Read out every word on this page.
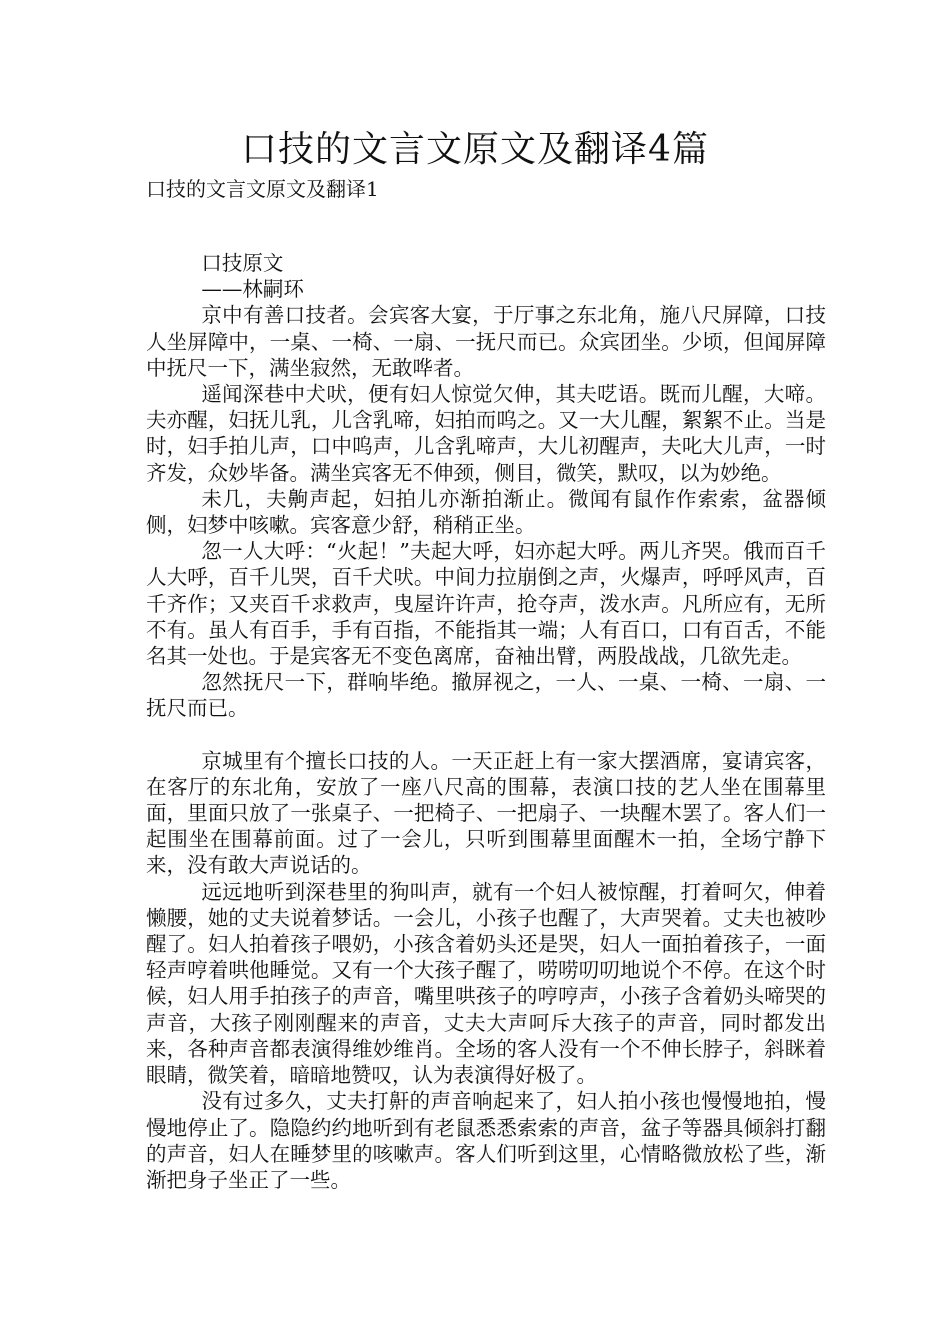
口技的文言文原文及翻译4篇
口技的文言文原文及翻译1

口技原文

——林嗣环

京中有善口技者。会宾客大宴，于厅事之东北角，施八尺屏障，口技人坐屏障中，一桌、一椅、一扇、一抚尺而已。众宾团坐。少顷，但闻屏障中抚尺一下，满坐寂然，无敢哗者。

遥闻深巷中犬吠，便有妇人惊觉欠伸，其夫呓语。既而儿醒，大啼。夫亦醒，妇抚儿乳，儿含乳啼，妇拍而呜之。又一大儿醒，絮絮不止。当是时，妇手拍儿声，口中呜声，儿含乳啼声，大儿初醒声，夫叱大儿声，一时齐发，众妙毕备。满坐宾客无不伸颈，侧目，微笑，默叹，以为妙绝。

未几，夫齁声起，妇拍儿亦渐拍渐止。微闻有鼠作作索索，盆器倾侧，妇梦中咳嗽。宾客意少舒，稍稍正坐。

忽一人大呼：“火起！”夫起大呼，妇亦起大呼。两儿齐哭。俄而百千人大呼，百千儿哭，百千犬吠。中间力拉崩倒之声，火爆声，呼呼风声，百千齐作；又夹百千求救声，曳屋许许声，抢夺声，泼水声。凡所应有，无所不有。虽人有百手，手有百指，不能指其一端；人有百口，口有百舌，不能名其一处也。于是宾客无不变色离席，奋袖出臂，两股战战，几欲先走。

忽然抚尺一下，群响毕绝。撤屏视之，一人、一桌、一椅、一扇、一抚尺而已。

京城里有个擅长口技的人。一天正赶上有一家大摆酒席，宴请宾客，在客厅的东北角，安放了一座八尺高的围幕，表演口技的艺人坐在围幕里面，里面只放了一张桌子、一把椅子、一把扇子、一块醒木罢了。客人们一起围坐在围幕前面。过了一会儿，只听到围幕里面醒木一拍，全场宁静下来，没有敢大声说话的。

远远地听到深巷里的狗叫声，就有一个妇人被惊醒，打着呵欠，伸着懒腰，她的丈夫说着梦话。一会儿，小孩子也醒了，大声哭着。丈夫也被吵醒了。妇人拍着孩子喂奶，小孩含着奶头还是哭，妇人一面拍着孩子，一面轻声哼着哄他睡觉。又有一个大孩子醒了，唠唠叨叨地说个不停。在这个时候，妇人用手拍孩子的声音，嘴里哄孩子的哼哼声，小孩子含着奶头啼哭的声音，大孩子刚刚醒来的声音，丈夫大声呵斥大孩子的声音，同时都发出来，各种声音都表演得维妙维肖。全场的客人没有一个不伸长脖子，斜眯着眼睛，微笑着，暗暗地赞叹，认为表演得好极了。

没有过多久，丈夫打鼾的声音响起来了，妇人拍小孩也慢慢地拍，慢慢地停止了。隐隐约约地听到有老鼠悉悉索索的声音，盆子等器具倾斜打翻的声音，妇人在睡梦里的咳嗽声。客人们听到这里，心情略微放松了些，渐渐把身子坐正了一些。
